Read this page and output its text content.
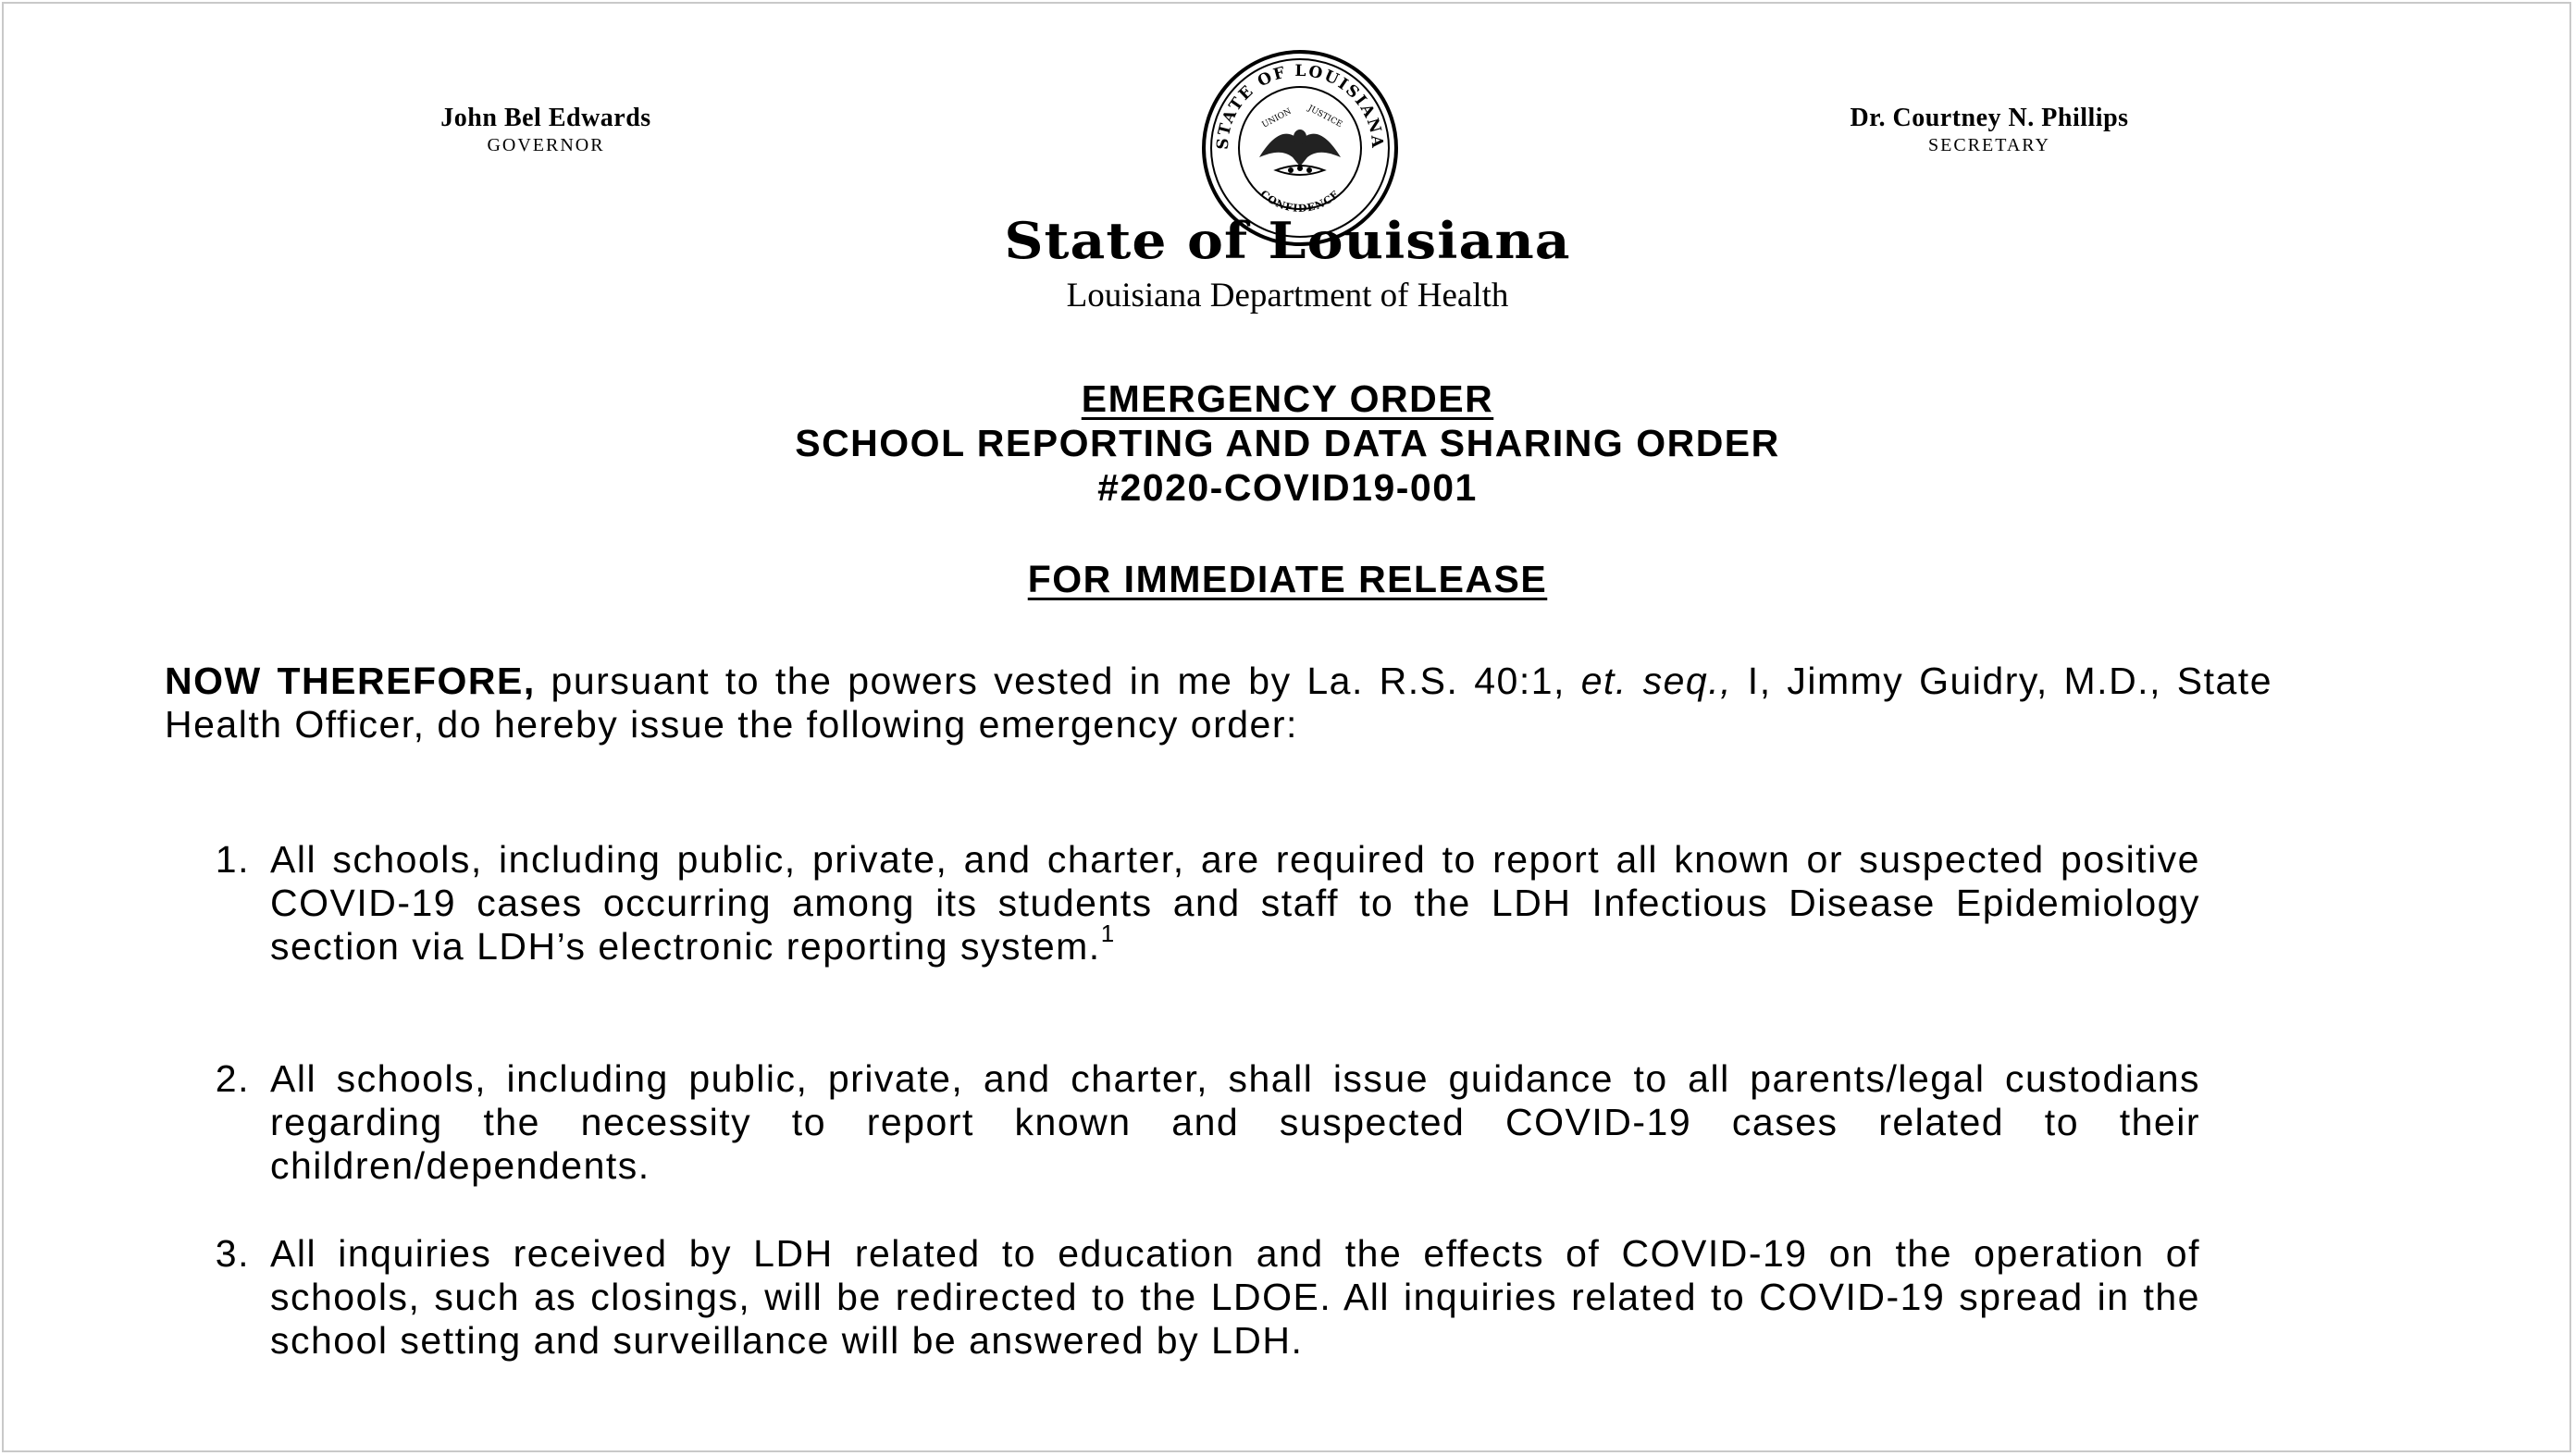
John Bel Edwards
GOVERNOR	STATE OF LOUISIANA
UNION JUSTICE
CONFIDENCE
Dr. Courtney N. Phillips
SECRETARY
State of Louisiana
Louisiana Department of Health
EMERGENCY ORDER
SCHOOL REPORTING AND DATA SHARING ORDER
#2020-COVID19-001
FOR IMMEDIATE RELEASE
NOW THEREFORE, pursuant to the powers vested in me by La. R.S. 40:1, et. seq., I, Jimmy Guidry, M.D., State Health Officer, do hereby issue the following emergency order:
1. All schools, including public, private, and charter, are required to report all known or suspected positive COVID-19 cases occurring among its students and staff to the LDH Infectious Disease Epidemiology section via LDH’s electronic reporting system.$^1$
2. All schools, including public, private, and charter, shall issue guidance to all parents/legal custodians regarding the necessity to report known and suspected COVID-19 cases related to their children/dependents.
3. All inquiries received by LDH related to education and the effects of COVID-19 on the operation of schools, such as closings, will be redirected to the LDOE. All inquiries related to COVID-19 spread in the school setting and surveillance will be answered by LDH.
